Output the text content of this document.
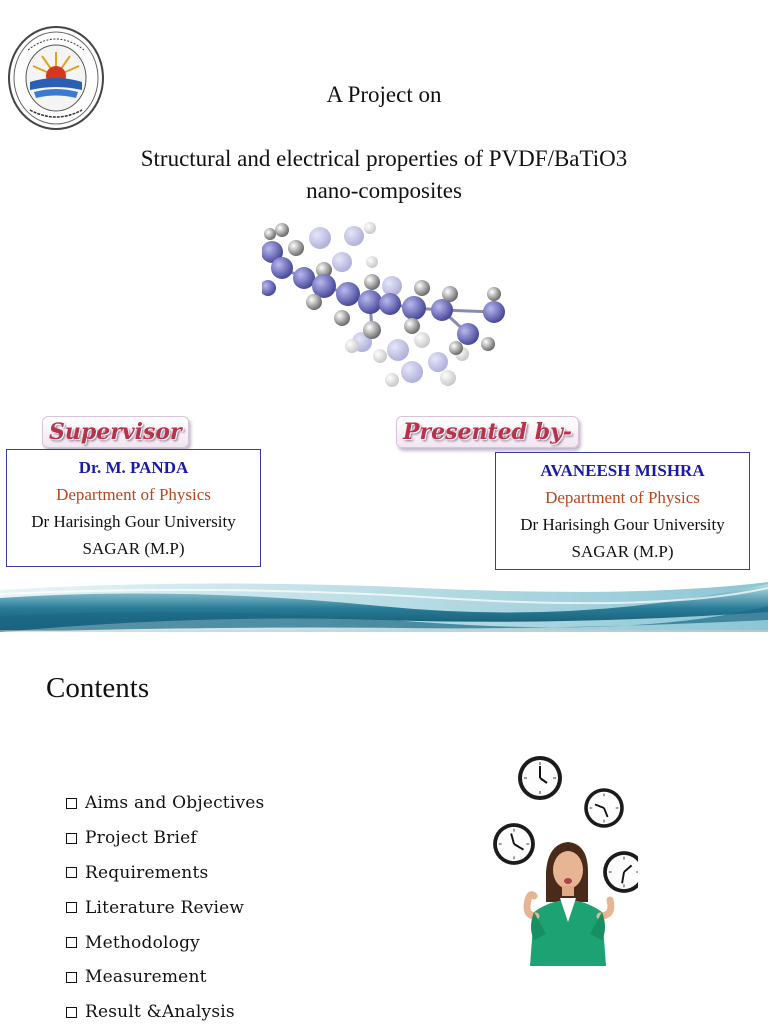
A Project on
Structural and electrical properties of PVDF/BaTiO3
nano-composites
Supervisor
Dr. M. PANDA
Department of Physics
Dr Harisingh Gour University
SAGAR (M.P)
Presented by-
AVANEESH MISHRA
Department of Physics
Dr Harisingh Gour University
SAGAR (M.P)
Contents
Aims and Objectives
Project Brief
Requirements
Literature Review
Methodology
Measurement
Result &Analysis
